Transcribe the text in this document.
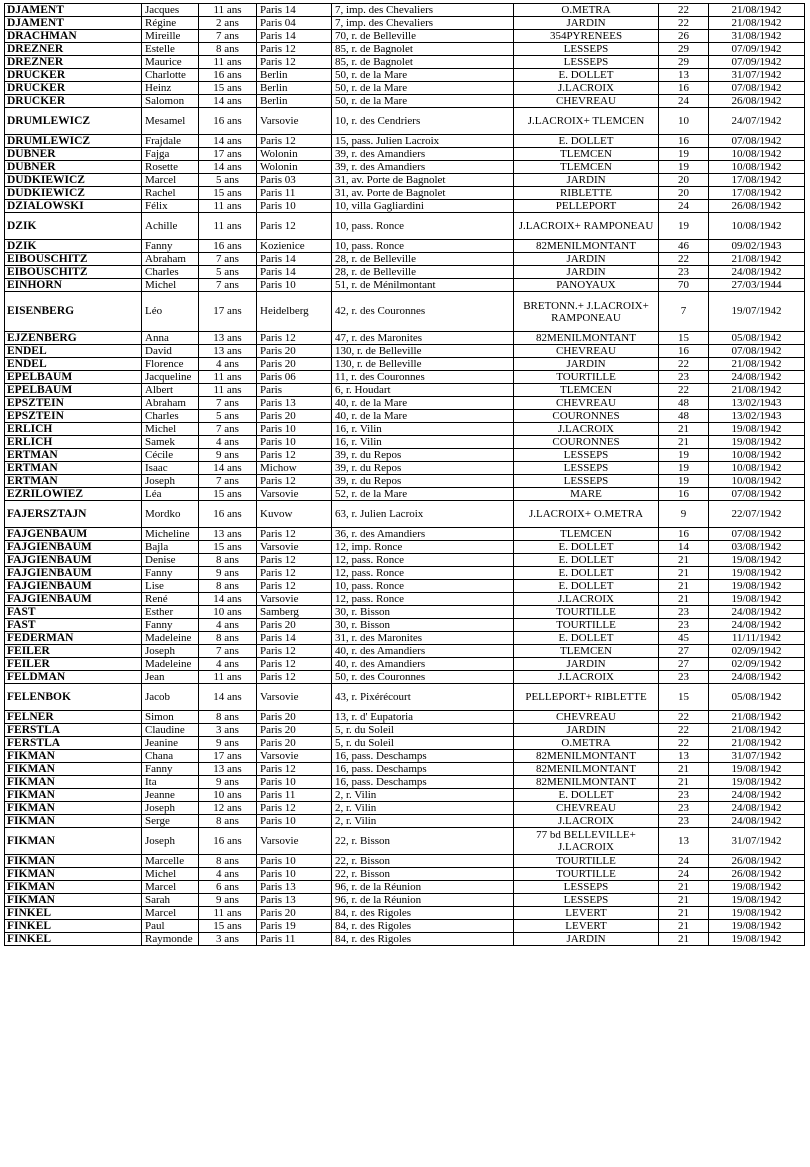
DJAMENT	Jacques	11 ans	Paris 14	7, imp. des Chevaliers	O.METRA	22	21/08/1942
DJAMENT	Régine	2 ans	Paris 04	7, imp. des Chevaliers	JARDIN	22	21/08/1942
DRACHMAN	Mireille	7 ans	Paris 14	70, r. de Belleville	354PYRENEES	26	31/08/1942
DREZNER	Estelle	8 ans	Paris 12	85, r. de Bagnolet	LESSEPS	29	07/09/1942
DREZNER	Maurice	11 ans	Paris 12	85, r. de Bagnolet	LESSEPS	29	07/09/1942
DRUCKER	Charlotte	16 ans	Berlin	50, r. de la Mare	E. DOLLET	13	31/07/1942
DRUCKER	Heinz	15 ans	Berlin	50, r. de la Mare	J.LACROIX	16	07/08/1942
DRUCKER	Salomon	14 ans	Berlin	50, r. de la Mare	CHEVREAU	24	26/08/1942
DRUMLEWICZ	Mesamel	16 ans	Varsovie	10, r. des Cendriers	J.LACROIX+ TLEMCEN	10	24/07/1942
DRUMLEWICZ	Frajdale	14 ans	Paris 12	15, pass. Julien Lacroix	E. DOLLET	16	07/08/1942
DUBNER	Fajga	17 ans	Wolonin	39, r. des Amandiers	TLEMCEN	19	10/08/1942
DUBNER	Rosette	14 ans	Wolonin	39, r. des Amandiers	TLEMCEN	19	10/08/1942
DUDKIEWICZ	Marcel	5 ans	Paris 03	31, av. Porte de Bagnolet	JARDIN	20	17/08/1942
DUDKIEWICZ	Rachel	15 ans	Paris 11	31, av. Porte de Bagnolet	RIBLETTE	20	17/08/1942
DZIALOWSKI	Félix	11 ans	Paris 10	10, villa Gagliardini	PELLEPORT	24	26/08/1942
DZIK	Achille	11 ans	Paris 12	10, pass. Ronce	J.LACROIX+ RAMPONEAU	19	10/08/1942
DZIK	Fanny	16 ans	Kozienice	10, pass. Ronce	82MENILMONTANT	46	09/02/1943
EIBOUSCHITZ	Abraham	7 ans	Paris 14	28, r. de Belleville	JARDIN	22	21/08/1942
EIBOUSCHITZ	Charles	5 ans	Paris 14	28, r. de Belleville	JARDIN	23	24/08/1942
EINHORN	Michel	7 ans	Paris 10	51, r. de Ménilmontant	PANOYAUX	70	27/03/1944
EISENBERG	Léo	17 ans	Heidelberg	42, r. des Couronnes	BRETONN.+ J.LACROIX+ RAMPONEAU	7	19/07/1942
EJZENBERG	Anna	13 ans	Paris 12	47, r. des Maronites	82MENILMONTANT	15	05/08/1942
ENDEL	David	13 ans	Paris 20	130, r. de Belleville	CHEVREAU	16	07/08/1942
ENDEL	Florence	4 ans	Paris 20	130, r. de Belleville	JARDIN	22	21/08/1942
EPELBAUM	Jacqueline	11 ans	Paris 06	11, r. des Couronnes	TOURTILLE	23	24/08/1942
EPELBAUM	Albert	11 ans	Paris	6, r. Houdart	TLEMCEN	22	21/08/1942
EPSZTEIN	Abraham	7 ans	Paris 13	40, r. de la Mare	CHEVREAU	48	13/02/1943
EPSZTEIN	Charles	5 ans	Paris 20	40, r. de la Mare	COURONNES	48	13/02/1943
ERLICH	Michel	7 ans	Paris 10	16, r. Vilin	J.LACROIX	21	19/08/1942
ERLICH	Samek	4 ans	Paris 10	16, r. Vilin	COURONNES	21	19/08/1942
ERTMAN	Cécile	9 ans	Paris 12	39, r. du Repos	LESSEPS	19	10/08/1942
ERTMAN	Isaac	14 ans	Michow	39, r. du Repos	LESSEPS	19	10/08/1942
ERTMAN	Joseph	7 ans	Paris 12	39, r. du Repos	LESSEPS	19	10/08/1942
EZRILOWIEZ	Léa	15 ans	Varsovie	52, r. de la Mare	MARE	16	07/08/1942
FAJERSZTAJN	Mordko	16 ans	Kuvow	63, r. Julien Lacroix	J.LACROIX+ O.METRA	9	22/07/1942
FAJGENBAUM	Micheline	13 ans	Paris 12	36, r. des Amandiers	TLEMCEN	16	07/08/1942
FAJGIENBAUM	Bajla	15 ans	Varsovie	12, imp. Ronce	E. DOLLET	14	03/08/1942
FAJGIENBAUM	Denise	8 ans	Paris 12	12, pass. Ronce	E. DOLLET	21	19/08/1942
FAJGIENBAUM	Fanny	9 ans	Paris 12	12, pass. Ronce	E. DOLLET	21	19/08/1942
FAJGIENBAUM	Lise	8 ans	Paris 12	10, pass. Ronce	E. DOLLET	21	19/08/1942
FAJGIENBAUM	René	14 ans	Varsovie	12, pass. Ronce	J.LACROIX	21	19/08/1942
FAST	Esther	10 ans	Samberg	30, r. Bisson	TOURTILLE	23	24/08/1942
FAST	Fanny	4 ans	Paris 20	30, r. Bisson	TOURTILLE	23	24/08/1942
FEDERMAN	Madeleine	8 ans	Paris 14	31, r. des Maronites	E. DOLLET	45	11/11/1942
FEILER	Joseph	7 ans	Paris 12	40, r. des Amandiers	TLEMCEN	27	02/09/1942
FEILER	Madeleine	4 ans	Paris 12	40, r. des Amandiers	JARDIN	27	02/09/1942
FELDMAN	Jean	11 ans	Paris 12	50, r. des Couronnes	J.LACROIX	23	24/08/1942
FELENBOK	Jacob	14 ans	Varsovie	43, r. Pixérécourt	PELLEPORT+ RIBLETTE	15	05/08/1942
FELNER	Simon	8 ans	Paris 20	13, r. d' Eupatoria	CHEVREAU	22	21/08/1942
FERSTLA	Claudine	3 ans	Paris 20	5, r. du Soleil	JARDIN	22	21/08/1942
FERSTLA	Jeanine	9 ans	Paris 20	5, r. du Soleil	O.METRA	22	21/08/1942
FIKMAN	Chana	17 ans	Varsovie	16, pass. Deschamps	82MENILMONTANT	13	31/07/1942
FIKMAN	Fanny	13 ans	Paris 12	16, pass. Deschamps	82MENILMONTANT	21	19/08/1942
FIKMAN	Ita	9 ans	Paris 10	16, pass. Deschamps	82MENILMONTANT	21	19/08/1942
FIKMAN	Jeanne	10 ans	Paris 11	2, r. Vilin	E. DOLLET	23	24/08/1942
FIKMAN	Joseph	12 ans	Paris 12	2, r. Vilin	CHEVREAU	23	24/08/1942
FIKMAN	Serge	8 ans	Paris 10	2, r. Vilin	J.LACROIX	23	24/08/1942
FIKMAN	Joseph	16 ans	Varsovie	22, r. Bisson	77 bd BELLEVILLE+ J.LACROIX	13	31/07/1942
FIKMAN	Marcelle	8 ans	Paris 10	22, r. Bisson	TOURTILLE	24	26/08/1942
FIKMAN	Michel	4 ans	Paris 10	22, r. Bisson	TOURTILLE	24	26/08/1942
FIKMAN	Marcel	6 ans	Paris 13	96, r. de la Réunion	LESSEPS	21	19/08/1942
FIKMAN	Sarah	9 ans	Paris 13	96, r. de la Réunion	LESSEPS	21	19/08/1942
FINKEL	Marcel	11 ans	Paris 20	84, r. des Rigoles	LEVERT	21	19/08/1942
FINKEL	Paul	15 ans	Paris 19	84, r. des Rigoles	LEVERT	21	19/08/1942
FINKEL	Raymonde	3 ans	Paris 11	84, r. des Rigoles	JARDIN	21	19/08/1942
